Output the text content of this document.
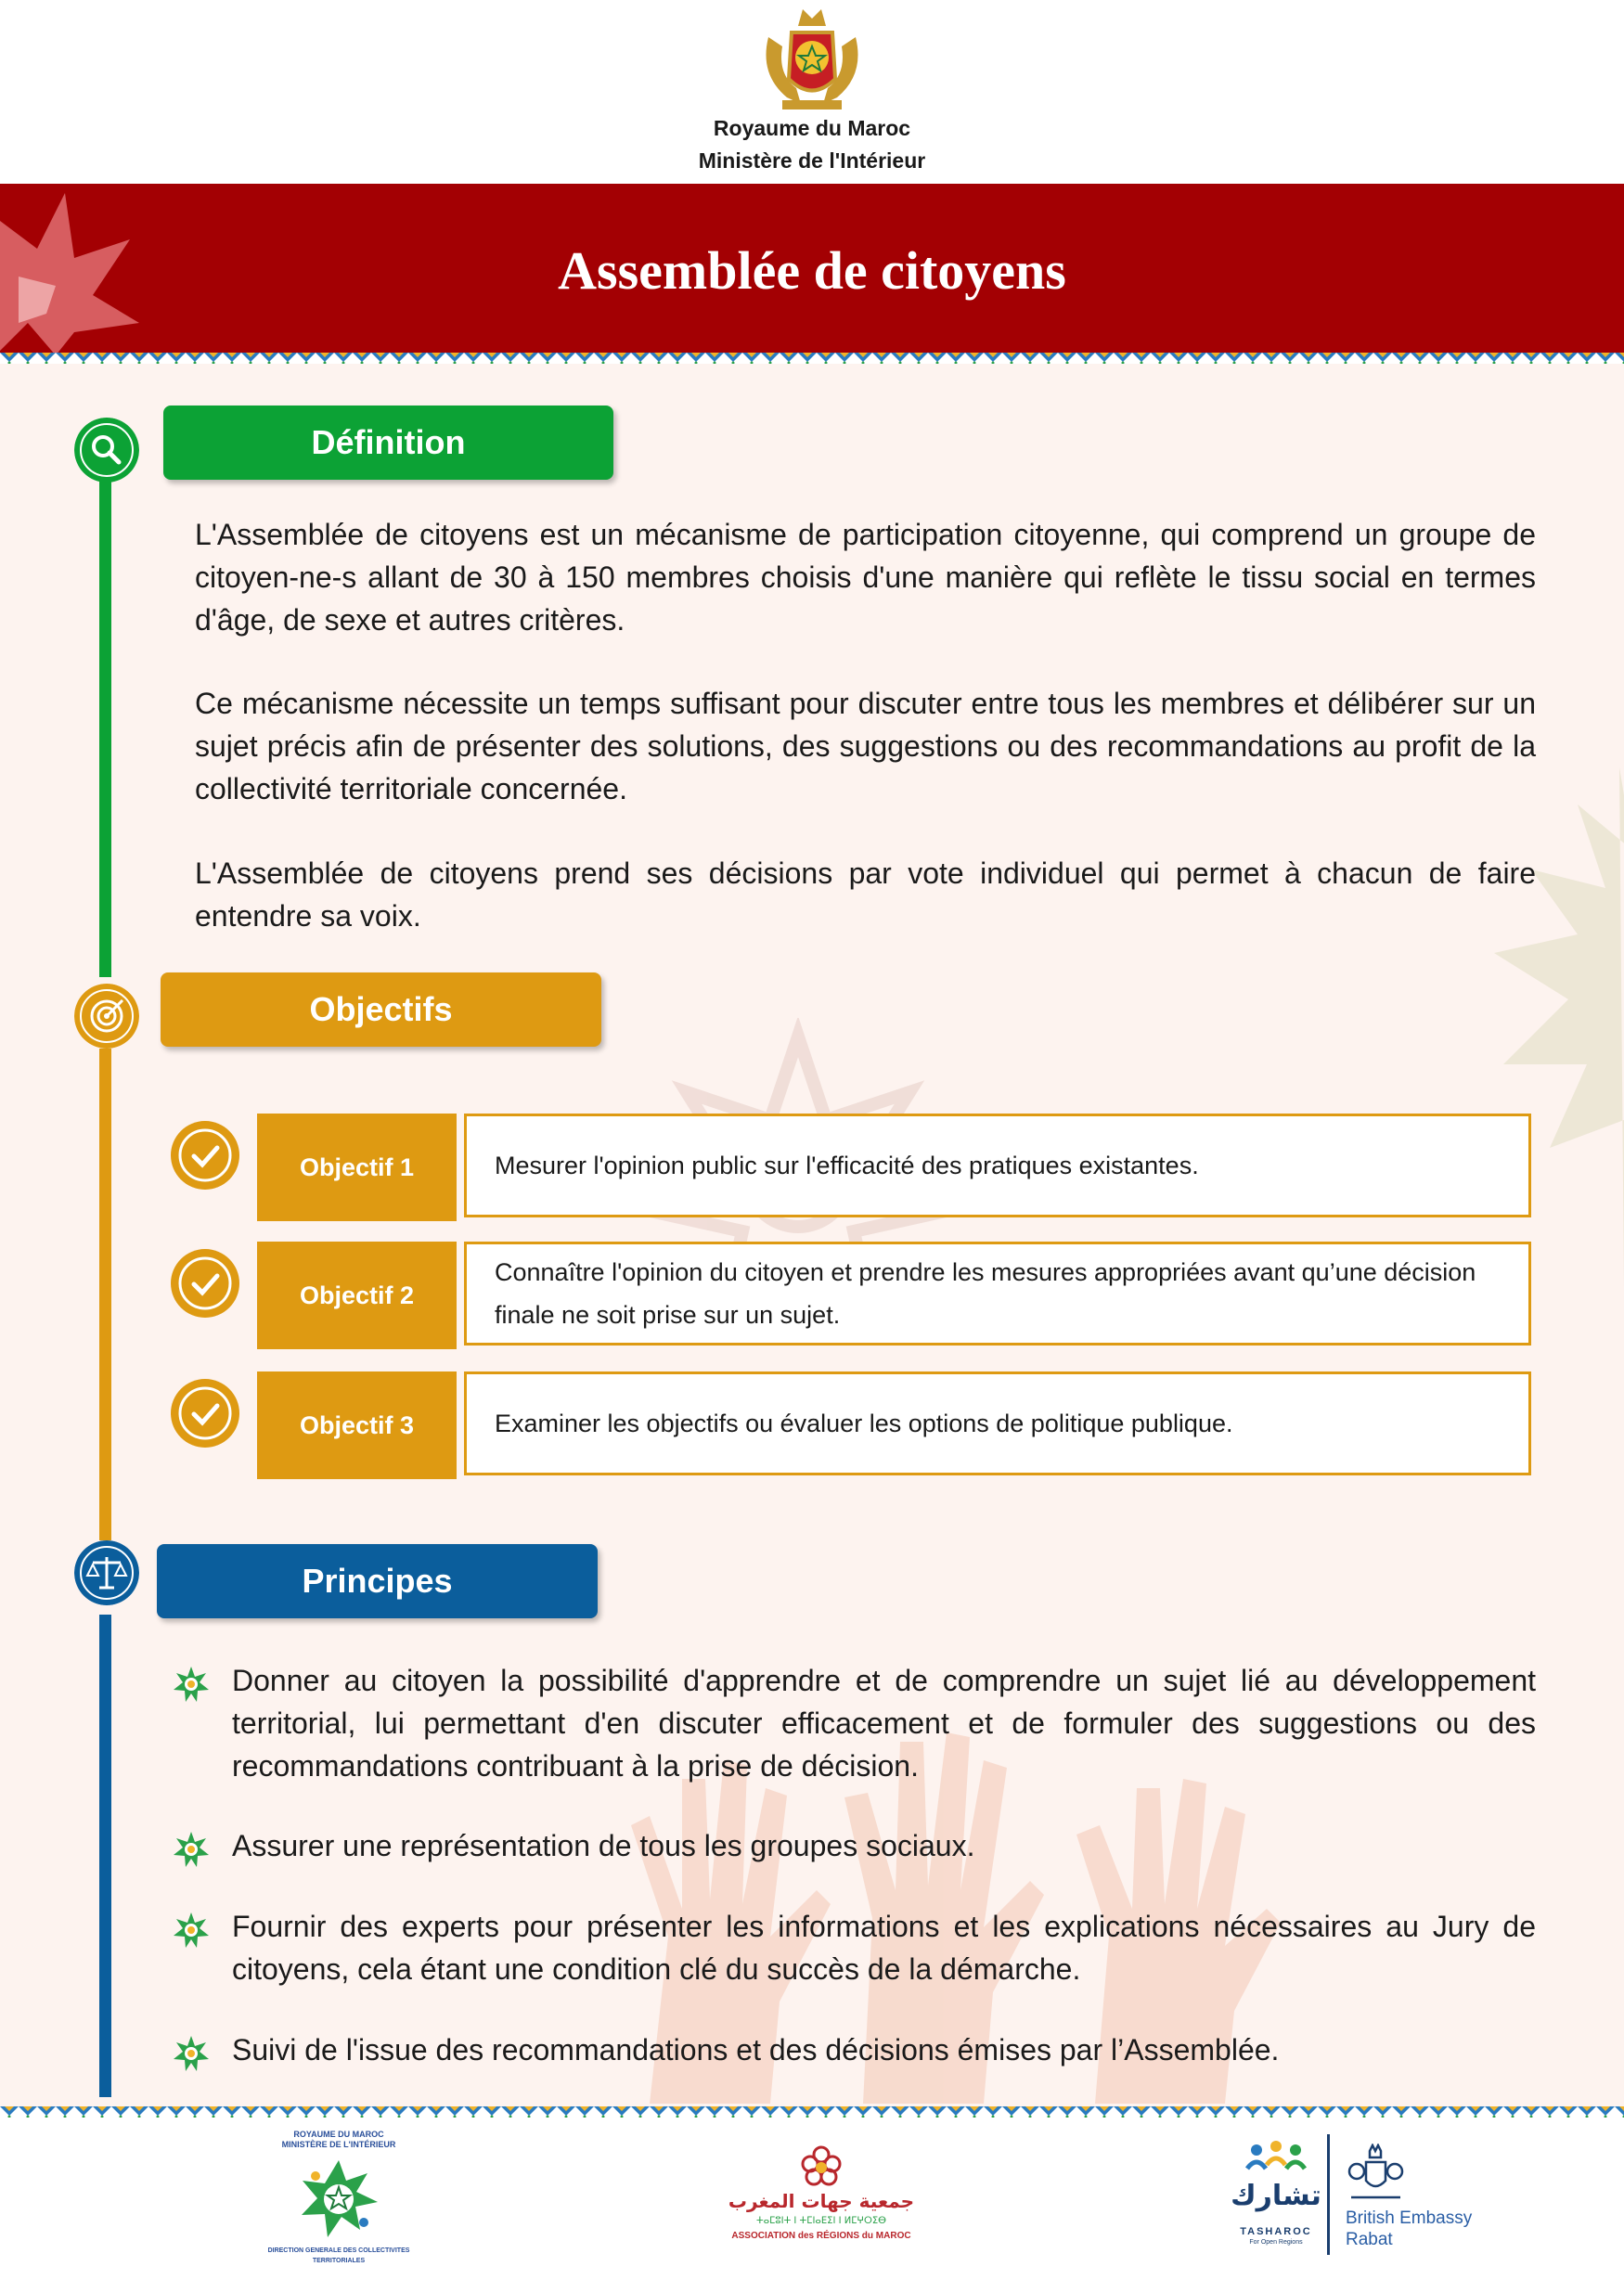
Royaume du Maroc
Ministère de l'Intérieur
Assemblée de citoyens
Définition

L'Assemblée de citoyens est un mécanisme de participation citoyenne, qui comprend un groupe de citoyen-ne-s allant de 30 à 150 membres choisis d'une manière qui reflète le tissu social en termes d'âge, de sexe et autres critères.

Ce mécanisme nécessite un temps suffisant pour discuter entre tous les membres et délibérer sur un sujet précis afin de présenter des solutions, des suggestions ou des recommandations au profit de la collectivité territoriale concernée.

L'Assemblée de citoyens prend ses décisions par vote individuel qui permet à chacun de faire entendre sa voix.

Objectifs
Objectif 1	Mesurer l'opinion public sur l'efficacité des pratiques existantes.
Objectif 2
Connaître l'opinion du citoyen et prendre les mesures appropriées avant qu’une décision finale ne soit prise sur un sujet.
Objectif 3	Examiner les objectifs ou évaluer les options de politique publique.
Principes

Donner au citoyen la possibilité d'apprendre et de comprendre un sujet lié au développement territorial, lui permettant d'en discuter efficacement et de formuler des suggestions ou des recommandations contribuant à la prise de décision.

Assurer une représentation de tous les groupes sociaux.

Fournir des experts pour présenter les informations et les explications nécessaires au Jury de citoyens, cela étant une condition clé du succès de la démarche.

Suivi de l'issue des recommandations et des décisions émises par l’Assemblée.

ROYAUME DU MAROC
MINISTÈRE DE L'INTÉRIEUR
DIRECTION GENERALE DES COLLECTIVITES TERRITORIALES
جمعية جهات المغرب
ⵜⴰⵎⵓⵏⵜ ⵏ ⵜⵎⵏⴰⴹⵉⵏ ⵏ ⵍⵎⵖⵔⵉⴱ
ASSOCIATION des RÉGIONS du MAROC
تشارك
TASHAROC
For Open Regions
British Embassy
Rabat
